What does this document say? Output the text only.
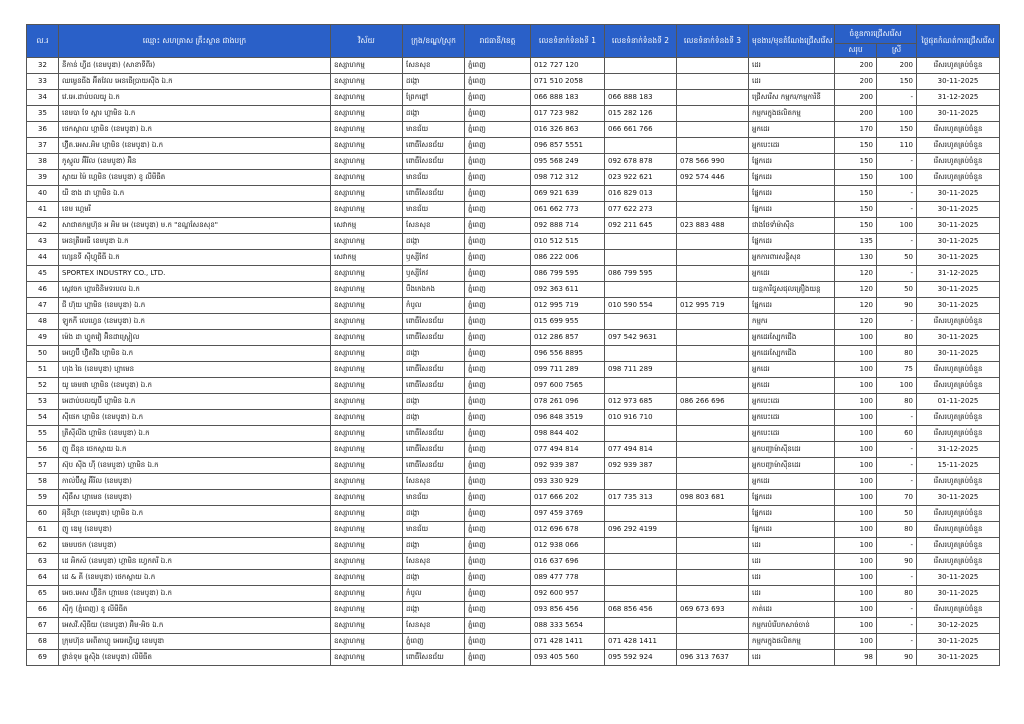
ល.រ	ឈ្មោះ សហគ្រាស គ្រឹះស្ថាន ជាងបក្រ	វិស័យ	ក្រុង/ខណ្ឌ/ស្រុក	រាជធានី/ខេត្ត	លេខទំនាក់ទំនងទី 1	លេខទំនាក់ទំនងទី 2	លេខទំនាក់ទំនងទី 3	មុខងារ/មុខតំណែងជ្រើសរើស	ចំនួនការជ្រើសរើស		ថ្ងៃផុតកំណត់ការជ្រើសរើស
									សរុប	ស្រី	
32	នីកាន់ ហ្វីដ (ខេមបូឌា) (សាខាទីពីរ)	ឧស្សាហកម្ម	សែនសុខ	ភ្នំពេញ	012 727 120			ដេរ	200	200	រើសរហូតគ្រប់ចំនួន
33	ឈម្លេនធីង អ៊ីតវែល អេនធើប្រាយស៊ីង ឯ.ក	ឧស្សាហកម្ម	ដង្កោ	ភ្នំពេញ	071 510 2058			ដេរ	200	150	30-11-2025
34	វេ.អេ.ដាប់បលយូ ឯ.ក	ឧស្សាហកម្ម	ព្រែកព្នៅ	ភ្នំពេញ	066 888 183	066 888 183		ជ្រើសរើស កម្មករ/កម្មការិនី	200	-	31-12-2025
35	ខេមបា ទែ ស្ពារ ហ្គាមិន ឯ.ក	ឧស្សាហកម្ម	ដង្កោ	ភ្នំពេញ	017 723 982	015 282 126		កម្មករក្នុងផលិតកម្ម	200	100	30-11-2025
36	ថេកស្តាល ហ្គាមិន (ខេមបូឌា) ឯ.ក	ឧស្សាហកម្ម	មានជ័យ	ភ្នំពេញ	016 326 863	066 661 766		អ្នកដេរ	170	150	រើសរហូតគ្រប់ចំនួន
37	ហ៊្វីត.អេស.អិម ហ្គាមិន (ខេមបូឌា) ឯ.ក	ឧស្សាហកម្ម	ពោធិ៍សែនជ័យ	ភ្នំពេញ	096 857 5551			អ្នកបេះដេរ	150	110	រើសរហូតគ្រប់ចំនួន
38	កូស្តូល អ៊ីរីល (ខេមបូឌា) អ៊ិន	ឧស្សាហកម្ម	ពោធិ៍សែនជ័យ	ភ្នំពេញ	095 568 249	092 678 878	078 566 990	ផ្នែកដេរ	150	-	រើសរហូតគ្រប់ចំនួន
39	ស្តាយ ម៉ៃ ហ្គេមិន (ខេមបូឌា) ខូ លីមីធីត	ឧស្សាហកម្ម	មានជ័យ	ភ្នំពេញ	098 712 312	023 922 621	092 574 446	ផ្នែកដេរ	150	100	រើសរហូតគ្រប់ចំនួន
40	យី ឌាង ដា ហ្គាមិន ឯ.ក	ឧស្សាហកម្ម	ពោធិ៍សែនជ័យ	ភ្នំពេញ	069 921 639	016 829 013		ផ្នែកដេរ	150	-	30-11-2025
41	ខេម ហ្គេមរី	ឧស្សាហកម្ម	មានជ័យ	ភ្នំពេញ	061 662 773	077 622 273		ផ្នែកដេរ	150	-	30-11-2025
42	សាជាតកម្មហ៊ុន អ អិម អេ (ខេមបូឌា) ម.ក "ខណ្ឌសែនសុខ"	សេវាកម្ម	សែនសុខ	ភ្នំពេញ	092 888 714	092 211 645	023 883 488	ជាងថែទាំម៉ាស៊ីន	150	100	30-11-2025
43	អេនត្រីអេធី ខេមបូឌា ឯ.ក	ឧស្សាហកម្ម	ដង្កោ	ភ្នំពេញ	010 512 515			ផ្នែកដេរ	135	-	30-11-2025
44	ហ្សេនទី ស៊ីហ្វុធីធី ឯ.ក	សេវាកម្ម	ឫស្សីកែវ	ភ្នំពេញ	086 222 006			អ្នកការពារសន្តិសុខ	130	50	30-11-2025
45	SPORTEX INDUSTRY CO., LTD.	ឧស្សាហកម្ម	ឫស្សីកែវ	ភ្នំពេញ	086 799 595	086 799 595		អ្នកដេរ	120	-	31-12-2025
46	ស្កេវចក ហ្គារចិនិមទរបល ឯ.ក	ឧស្សាហកម្ម	បឹងកេងកង	ភ្នំពេញ	092 363 611			យន្តការីជួសជុលគ្រឿងយន្ត	120	50	30-11-2025
47	ជី ហ៊ុយ ហ្គាមិន (ខេមបូឌា) ឯ.ក	ឧស្សាហកម្ម	កំបូល	ភ្នំពេញ	012 995 719	010 590 554	012 995 719	ផ្នែកដេរ	120	90	30-11-2025
48	ឡូកកី លេហ្វេន (ខេមបូឌា) ឯ.ក	ឧស្សាហកម្ម	ពោធិ៍សែនជ័យ	ភ្នំពេញ	015 699 955			កម្មករ	120	-	រើសរហូតគ្រប់ចំនួន
49	ម៉េង ដា ហ្វូតវៀ អ៊ិនដាស្ត្រៀល	ឧស្សាហកម្ម	ពោធិ៍សែនជ័យ	ភ្នំពេញ	012 286 857	097 542 9631		អ្នកដេរស្បែកជើង	100	80	30-11-2025
50	អេហ្វប៊ី ហ៊្វិតវីង ហ្គាមិន ឯ.ក	ឧស្សាហកម្ម	ដង្កោ	ភ្នំពេញ	096 556 8895			អ្នកដេរស្បែកជើង	100	80	30-11-2025
51	ហុង ធៃ (ខេមបូឌា) ហ្គាមេន	ឧស្សាហកម្ម	ពោធិ៍សែនជ័យ	ភ្នំពេញ	099 711 289	098 711 289		អ្នកដេរ	100	75	រើសរហូតគ្រប់ចំនួន
52	យូ ឆេមផា ហ្គាមិន (ខេមបូឌា) ឯ.ក	ឧស្សាហកម្ម	ពោធិ៍សែនជ័យ	ភ្នំពេញ	097 600 7565			អ្នកដេរ	100	100	រើសរហូតគ្រប់ចំនួន
53	អេដាប់បលយូប៊ី ហ្គាមិន ឯ.ក	ឧស្សាហកម្ម	ដង្កោ	ភ្នំពេញ	078 261 096	012 973 685	086 266 696	អ្នកបេះដេរ	100	80	01-11-2025
54	ស៊ីផេក ហ្គាមិន (ខេមបូឌា) ឯ.ក	ឧស្សាហកម្ម	ដង្កោ	ភ្នំពេញ	096 848 3519	010 916 710		អ្នកបេះដេរ	100	-	រើសរហូតគ្រប់ចំនួន
55	ត្រីស៊ីលីង ហ្គាមិន (ខេមបូឌា) ឯ.ក	ឧស្សាហកម្ម	ពោធិ៍សែនជ័យ	ភ្នំពេញ	098 844 402			អ្នកបេះដេរ	100	60	រើសរហូតគ្រប់ចំនួន
56	ញូ ជីនុន ថេកស្តាយ ឯ.ក	ឧស្សាហកម្ម	ពោធិ៍សែនជ័យ	ភ្នំពេញ	077 494 814	077 494 814		អ្នកបញ្ជាម៉ាស៊ីនដេរ	100	-	31-12-2025
57	ស៊ុប ស៊ីង ហ៊ី (ខេមបូឌា) ហ្គាមិន ឯ.ក	ឧស្សាហកម្ម	ពោធិ៍សែនជ័យ	ភ្នំពេញ	092 939 387	092 939 387		អ្នកបញ្ជាម៉ាស៊ីនដេរ	100	-	15-11-2025
58	កាល់ប៊ីស្ហ អ៊ីរីល (ខេមបូឌា)	ឧស្សាហកម្ម	សែនសុខ	ភ្នំពេញ	093 330 929			អ្នកដេរ	100	-	រើសរហូតគ្រប់ចំនួន
59	ស៊ីឆឹស ហ្គាមេន (ខេមបូឌា)	ឧស្សាហកម្ម	មានជ័យ	ភ្នំពេញ	017 666 202	017 735 313	098 803 681	ផ្នែកដេរ	100	70	30-11-2025
60	អ៊ុនីហ្គា (ខេមបូឌា) ហ្គាមិន ឯ.ក	ឧស្សាហកម្ម	ដង្កោ	ភ្នំពេញ	097 459 3769			ផ្នែកដេរ	100	50	រើសរហូតគ្រប់ចំនួន
61	ញូ ឌេមូ (ខេមបូឌា)	ឧស្សាហកម្ម	មានជ័យ	ភ្នំពេញ	012 696 678	096 292 4199		ផ្នែកដេរ	100	80	រើសរហូតគ្រប់ចំនួន
62	ឆេមបថក (ខេមបូឌា)	ឧស្សាហកម្ម	ដង្កោ	ភ្នំពេញ	012 938 066			ដេរ	100	-	រើសរហូតគ្រប់ចំនួន
63	ដេ អិកស៍ (ខេមបូឌា) ហ្គាមិន ហ្វេកតរី ឯ.ក	ឧស្សាហកម្ម	សែនសុខ	ភ្នំពេញ	016 637 696			ដេរ	100	90	រើសរហូតគ្រប់ចំនួន
64	ដេ & គី (ខេមបូឌា) ថេកស្តាយ ឯ.ក	ឧស្សាហកម្ម	ដង្កោ	ភ្នំពេញ	089 477 778			ដេរ	100	-	30-11-2025
65	អេច.អេស ហ្វ៊ីនិក ហ្គាមេន (ខេមបូឌា) ឯ.ក	ឧស្សាហកម្ម	កំបូល	ភ្នំពេញ	092 600 957			ដេរ	100	80	30-11-2025
66	ស៊ីកូ (ភ្នំពេញ) ខូ លីមីធីត	ឧស្សាហកម្ម	ដង្កោ	ភ្នំពេញ	093 856 456	068 856 456	069 673 693	កាត់ដេរ	100	-	រើសរហូតគ្រប់ចំនួន
67	អេសវី.ស៊ីធីយ (ខេមបូឌា) អ៊ិម-អិច ឯ.ក	ឧស្សាហកម្ម	សែនសុខ	ភ្នំពេញ	088 333 5654			កម្មករបំរើបកសាច់ចាន់	100	-	30-12-2025
68	ក្រុមហ៊ុន អេពីតាហ្គូ អេអេហ្វិហ្វ្វ ខេមបូឌា	ឧស្សាហកម្ម	ភ្នំពេញ	ភ្នំពេញ	071 428 1411	071 428 1411		កម្មករក្នុងផលិតកម្ម	100	-	30-11-2025
69	ថ្ងាន់ទុម ធ្លុស៊ិង (ខេមបូឌា) លីមីធីត	ឧស្សាហកម្ម	ពោធិ៍សែនជ័យ	ភ្នំពេញ	093 405 560	095 592 924	096 313 7637	ដេរ	98	90	30-11-2025
